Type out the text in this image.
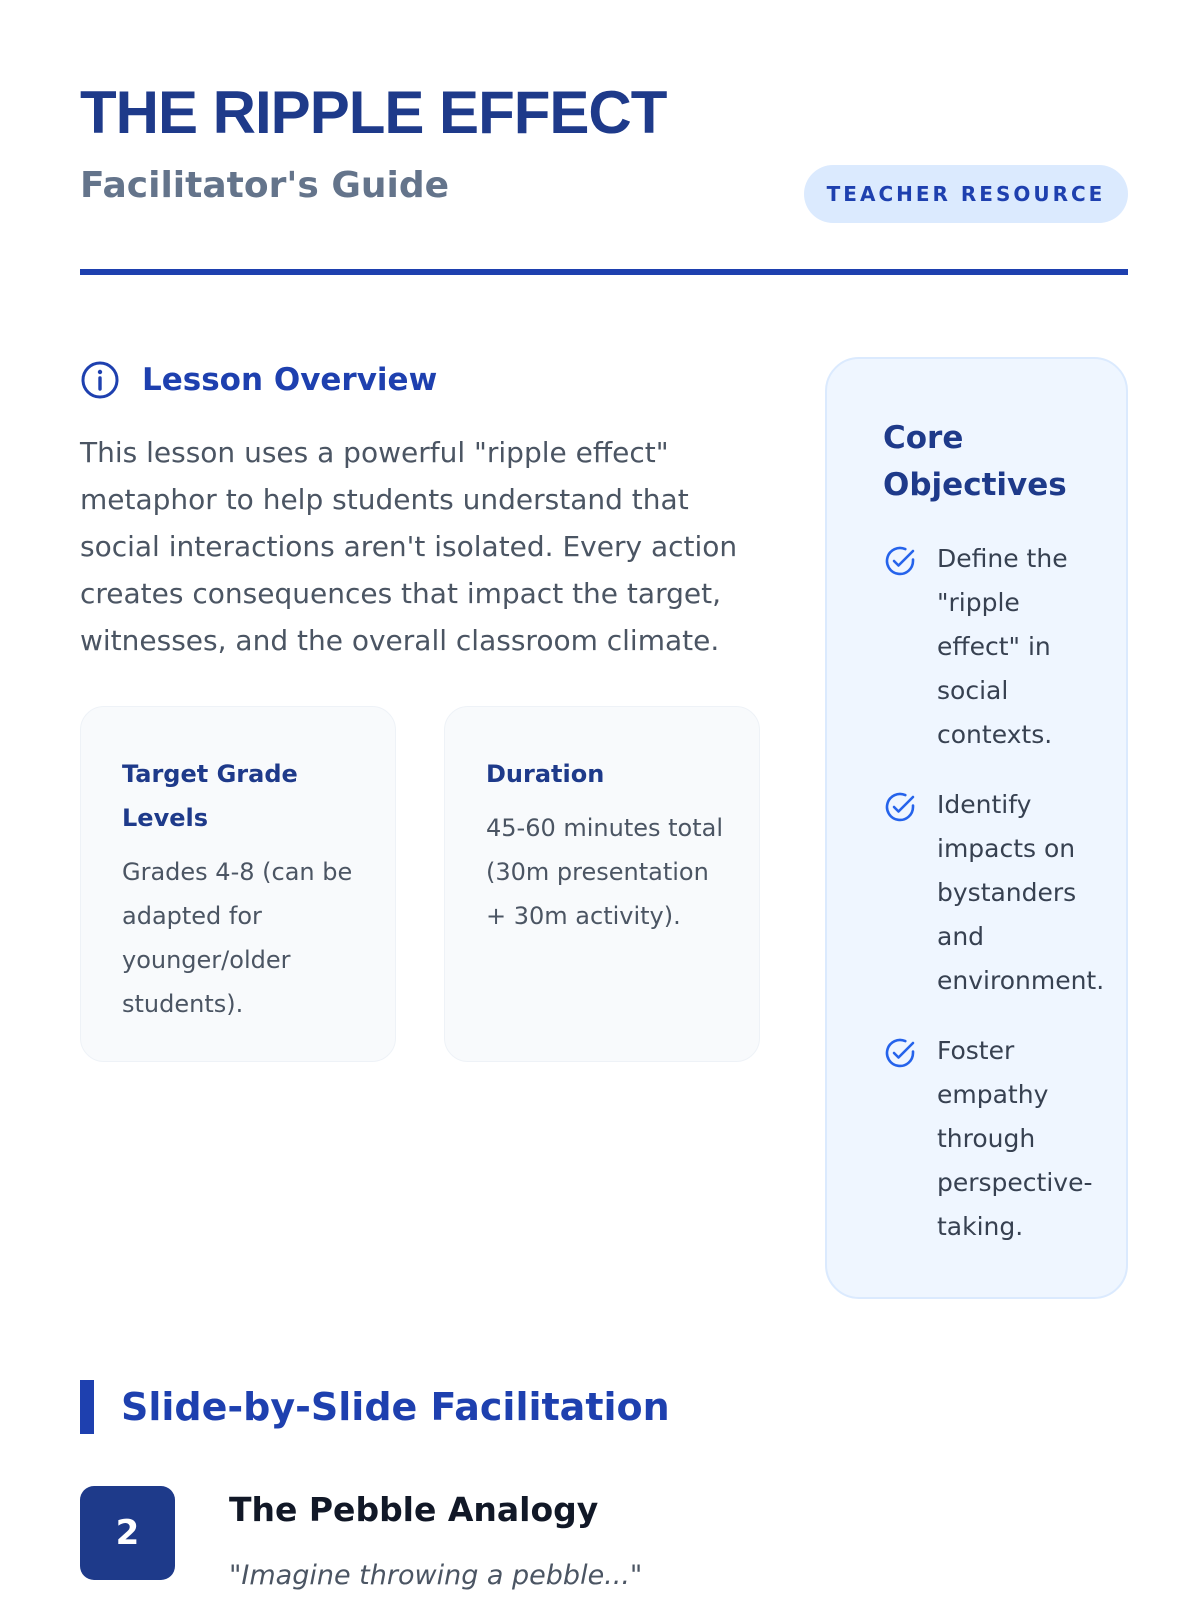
THE RIPPLE EFFECT
Facilitator's Guide	TEACHER RESOURCE
Lesson Overview

This lesson uses a powerful "ripple effect" metaphor to help students understand that social interactions aren't isolated. Every action creates consequences that impact the target, witnesses, and the overall classroom climate.

Target Grade Levels
Grades 4-8 (can be adapted for younger/older students).
Duration
45-60 minutes total (30m presentation + 30m activity).
Core Objectives
Define the "ripple effect" in social contexts.
Identify impacts on bystanders and environment.
Foster empathy through perspective-taking.
Slide-by-Slide Facilitation
2
The Pebble Analogy
"Imagine throwing a pebble..."
